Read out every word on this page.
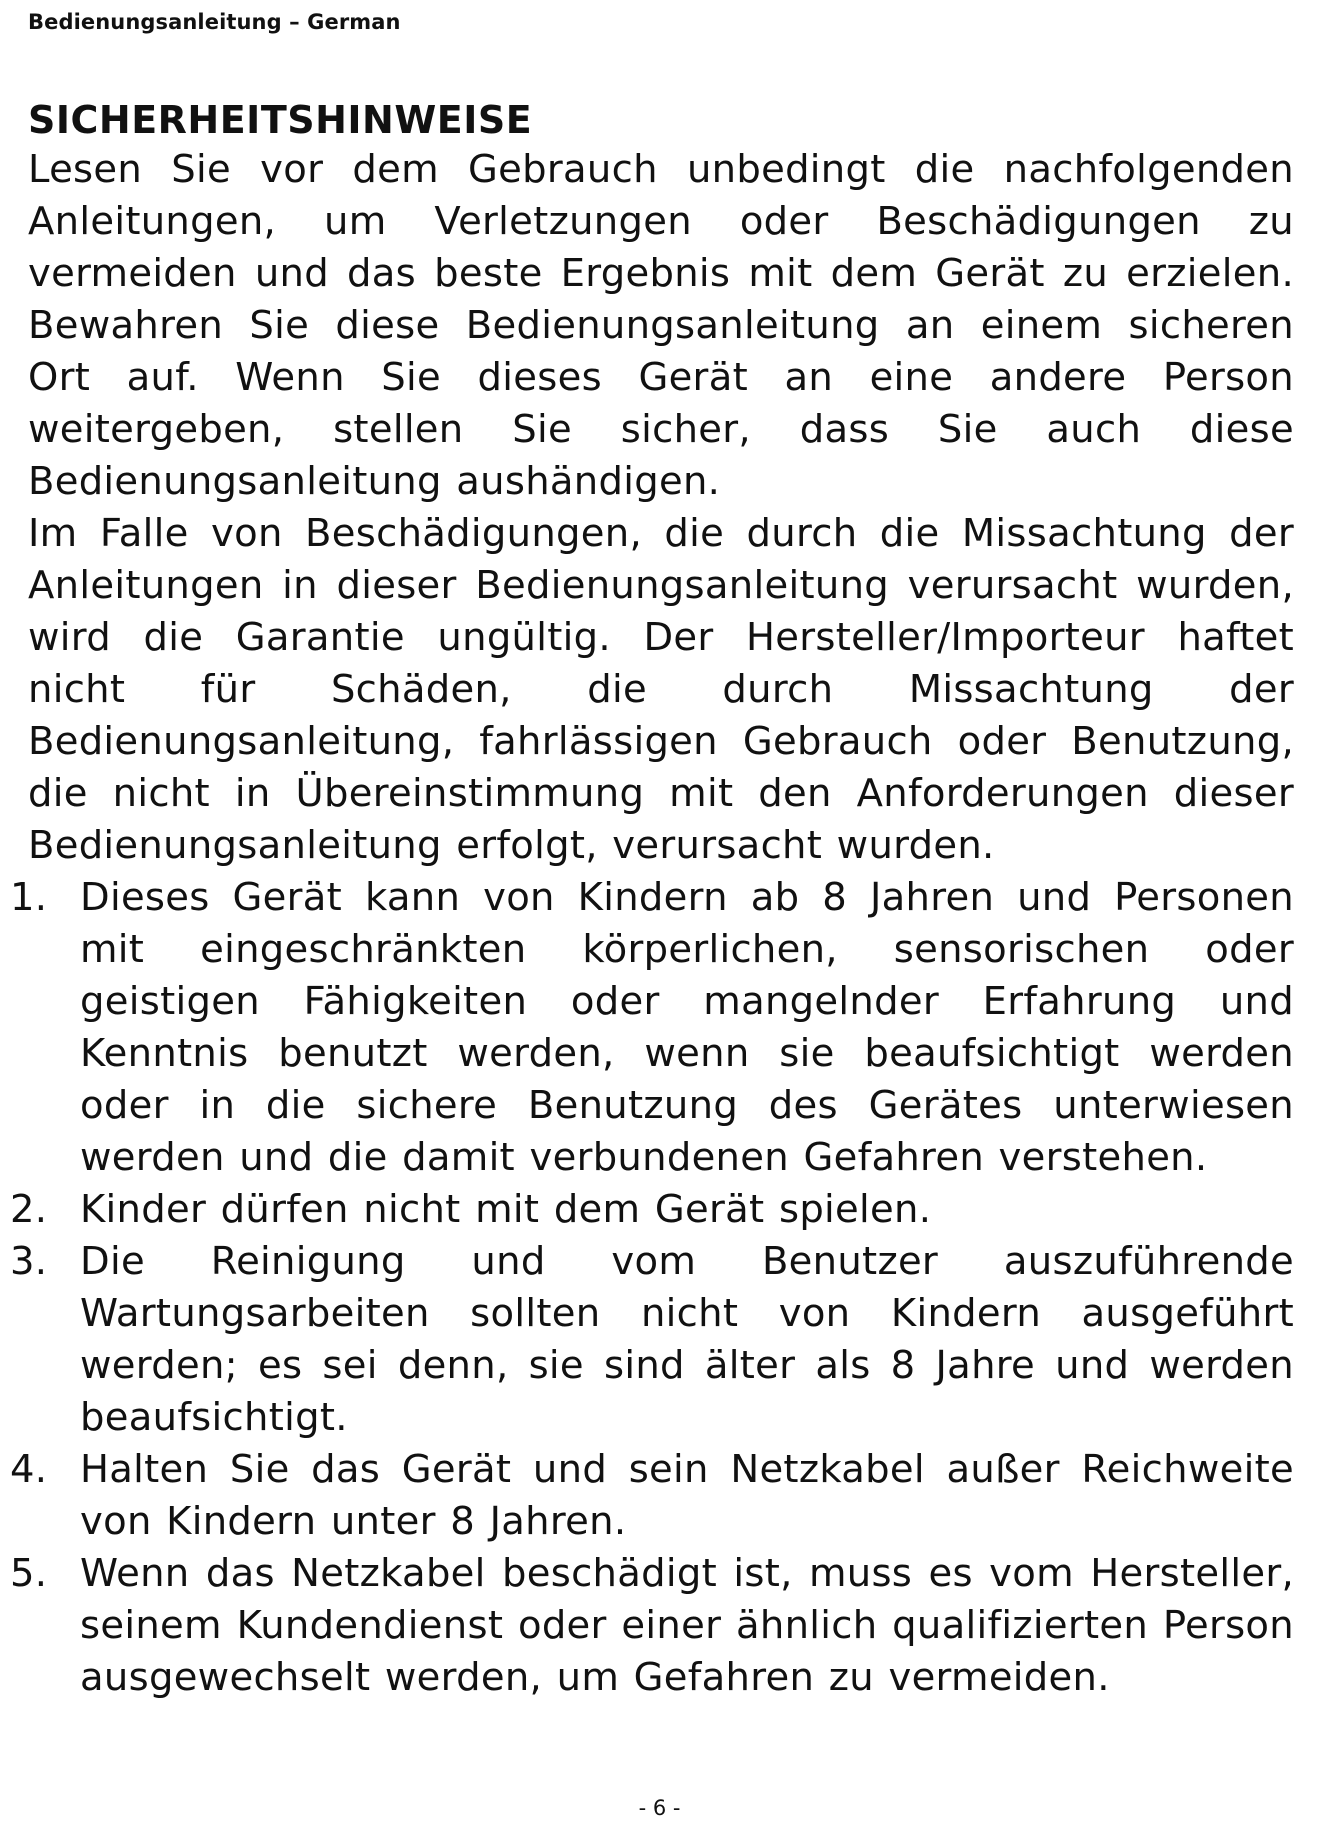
Bedienungsanleitung – German
SICHERHEITSHINWEISE

Lesen Sie vor dem Gebrauch unbedingt die nachfolgenden Anleitungen, um Verletzungen oder Beschädigungen zu vermeiden und das beste Ergebnis mit dem Gerät zu erzielen. Bewahren Sie diese Bedienungsanleitung an einem sicheren Ort auf. Wenn Sie dieses Gerät an eine andere Person weitergeben, stellen Sie sicher, dass Sie auch diese Bedienungsanleitung aushändigen.

Im Falle von Beschädigungen, die durch die Missachtung der Anleitungen in dieser Bedienungsanleitung verursacht wurden, wird die Garantie ungültig. Der Hersteller/Importeur haftet nicht für Schäden, die durch Missachtung der Bedienungsanleitung, fahrlässigen Gebrauch oder Benutzung, die nicht in Übereinstimmung mit den Anforderungen dieser Bedienungsanleitung erfolgt, verursacht wurden.

1. Dieses Gerät kann von Kindern ab 8 Jahren und Personen mit eingeschränkten körperlichen, sensorischen oder geistigen Fähigkeiten oder mangelnder Erfahrung und Kenntnis benutzt werden, wenn sie beaufsichtigt werden oder in die sichere Benutzung des Gerätes unterwiesen werden und die damit verbundenen Gefahren verstehen.
2. Kinder dürfen nicht mit dem Gerät spielen.
3. Die Reinigung und vom Benutzer auszuführende Wartungsarbeiten sollten nicht von Kindern ausgeführt werden; es sei denn, sie sind älter als 8 Jahre und werden beaufsichtigt.
4. Halten Sie das Gerät und sein Netzkabel außer Reichweite von Kindern unter 8 Jahren.
5. Wenn das Netzkabel beschädigt ist, muss es vom Hersteller, seinem Kundendienst oder einer ähnlich qualifizierten Person ausgewechselt werden, um Gefahren zu vermeiden.
- 6 -
